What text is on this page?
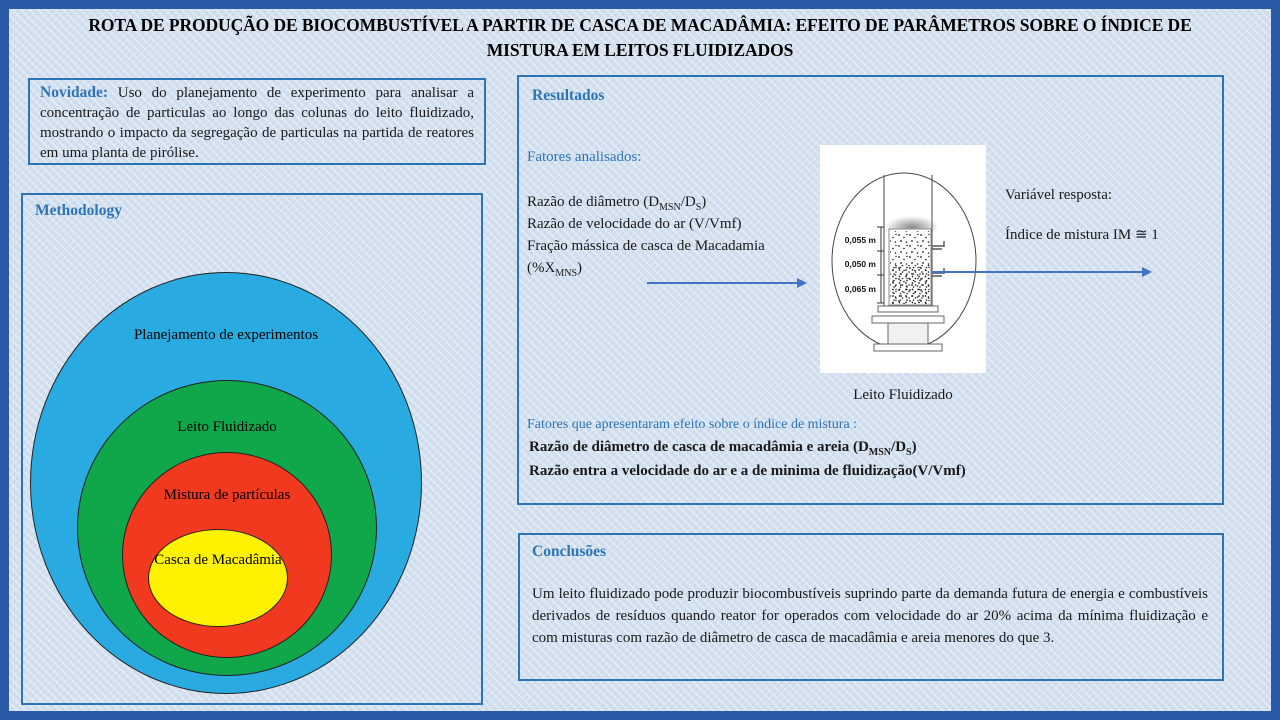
ROTA DE PRODUÇÃO DE BIOCOMBUSTÍVEL A PARTIR DE CASCA DE MACADÂMIA: EFEITO DE PARÂMETROS SOBRE O ÍNDICE DE MISTURA EM LEITOS FLUIDIZADOS
Novidade: Uso do planejamento de experimento para analisar a concentração de particulas ao longo das colunas do leito fluidizado, mostrando o impacto da segregação de particulas na partida de reatores em uma planta de pirólise.
Methodology
Planejamento de experimentos
Leito Fluidizado
Mistura de partículas
Casca de Macadâmia
Resultados
Fatores analisados:
Razão de diâmetro $(D_{MSN}/D_S)$
Razão de velocidade do ar (V/Vmf)
Fração mássica de casca de Macadamia
$(\%X_{MNS})$
0,055 m
0,050 m
0,065 m
Leito Fluidizado
Variável resposta:
Índice de mistura IM ≅ 1
Fatores que apresentaram efeito sobre o índice de mistura :
Razão de diâmetro de casca de macadâmia e areia $(D_{MSN}/D_S)$
Razão entra a velocidade do ar e a de minima de fluidização(V/Vmf)
Conclusões
Um leito fluidizado pode produzir biocombustíveis suprindo parte da demanda futura de energia e combustíveis derivados de resíduos quando reator for operados com velocidade do ar 20% acima da mínima fluidização e com misturas com razão de diâmetro de casca de macadâmia e areia menores do que 3.
